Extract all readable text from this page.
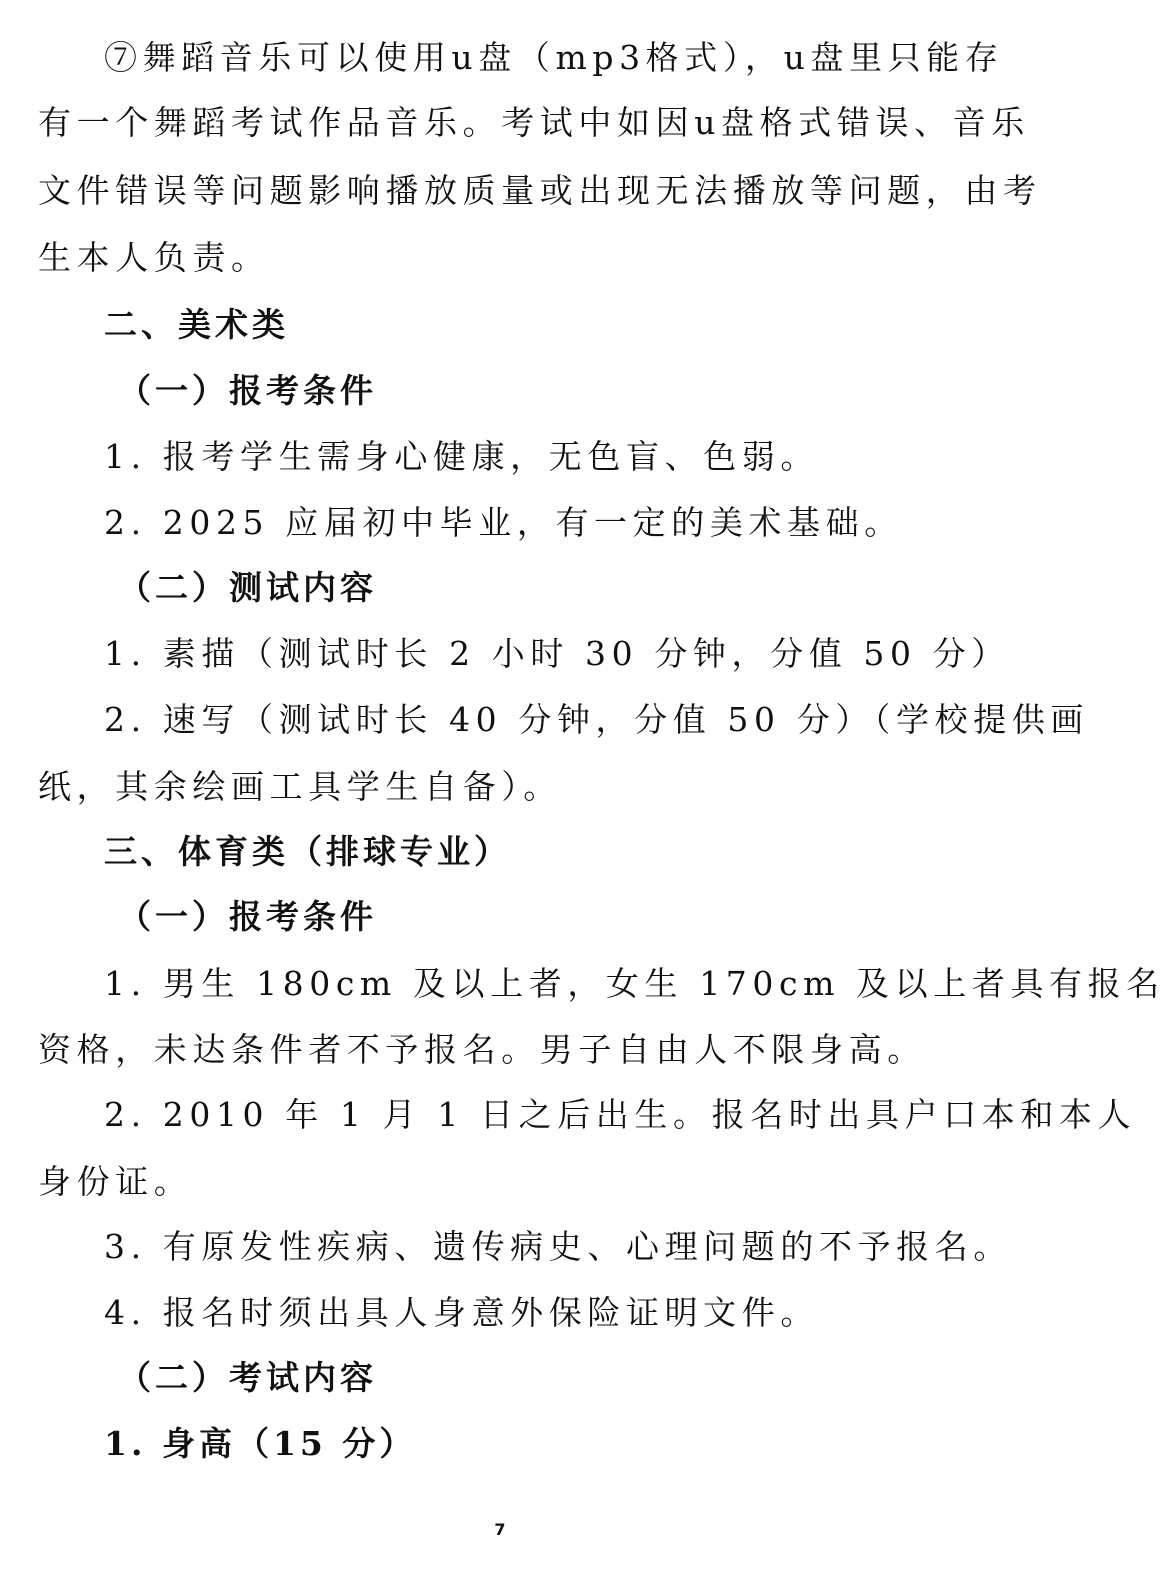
⑦舞蹈音乐可以使用u盘（mp3格式），u盘里只能存
有一个舞蹈考试作品音乐。考试中如因u盘格式错误、音乐
文件错误等问题影响播放质量或出现无法播放等问题，由考
生本人负责。
二、美术类
（一）报考条件
1. 报考学生需身心健康，无色盲、色弱。
2. 2025 应届初中毕业，有一定的美术基础。
（二）测试内容
1. 素描（测试时长 2 小时 30 分钟，分值 50 分）
2. 速写（测试时长 40 分钟，分值 50 分）（学校提供画
纸，其余绘画工具学生自备）。
三、体育类（排球专业）
（一）报考条件
1. 男生 180cm 及以上者，女生 170cm 及以上者具有报名
资格，未达条件者不予报名。男子自由人不限身高。
2. 2010 年 1 月 1 日之后出生。报名时出具户口本和本人
身份证。
3. 有原发性疾病、遗传病史、心理问题的不予报名。
4. 报名时须出具人身意外保险证明文件。
（二）考试内容
1. 身高（15 分）
7
